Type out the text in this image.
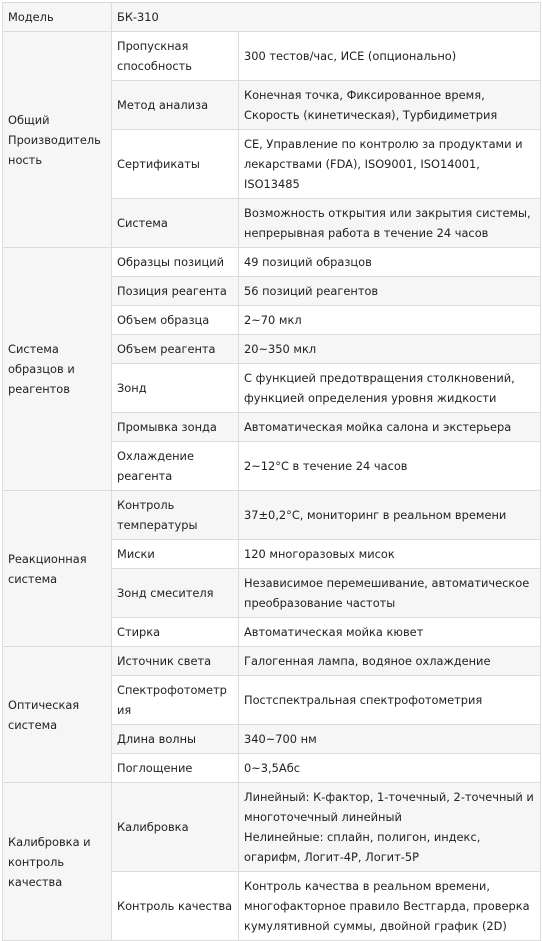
Модель	БК-310	
Общий Производительность	Пропускная способность	300 тестов/час, ИСЕ (опционально)
	Метод анализа	Конечная точка, Фиксированное время, Скорость (кинетическая), Турбидиметрия
	Сертификаты	CE, Управление по контролю за продуктами и лекарствами (FDA), ISO9001, ISO14001, ISO13485
	Система	Возможность открытия или закрытия системы, непрерывная работа в течение 24 часов
Система образцов и реагентов	Образцы позиций	49 позиций образцов
	Позиция реагента	56 позиций реагентов
	Объем образца	2~70 мкл
	Объем реагента	20~350 мкл
	Зонд	С функцией предотвращения столкновений, функцией определения уровня жидкости
	Промывка зонда	Автоматическая мойка салона и экстерьера
	Охлаждение реагента	2~12°C в течение 24 часов
Реакционная система	Контроль температуры	37±0,2°C, мониторинг в реальном времени
	Миски	120 многоразовых мисок
	Зонд смесителя	Независимое перемешивание, автоматическое преобразование частоты
	Стирка	Автоматическая мойка кювет
Оптическая система	Источник света	Галогенная лампа, водяное охлаждение
	Спектрофотометрия	Постспектральная спектрофотометрия
	Длина волны	340~700 нм
	Поглощение	0~3,5Абс
Калибровка и контроль качества	Калибровка	Линейный: К-фактор, 1-точечный, 2-точечный и многоточечный линейный
Нелинейные: сплайн, полигон, индекс, огарифм, Логит-4P, Логит-5P

	Контроль качества	Контроль качества в реальном времени, многофакторное правило Вестгарда, проверка кумулятивной суммы, двойной график (2D)
